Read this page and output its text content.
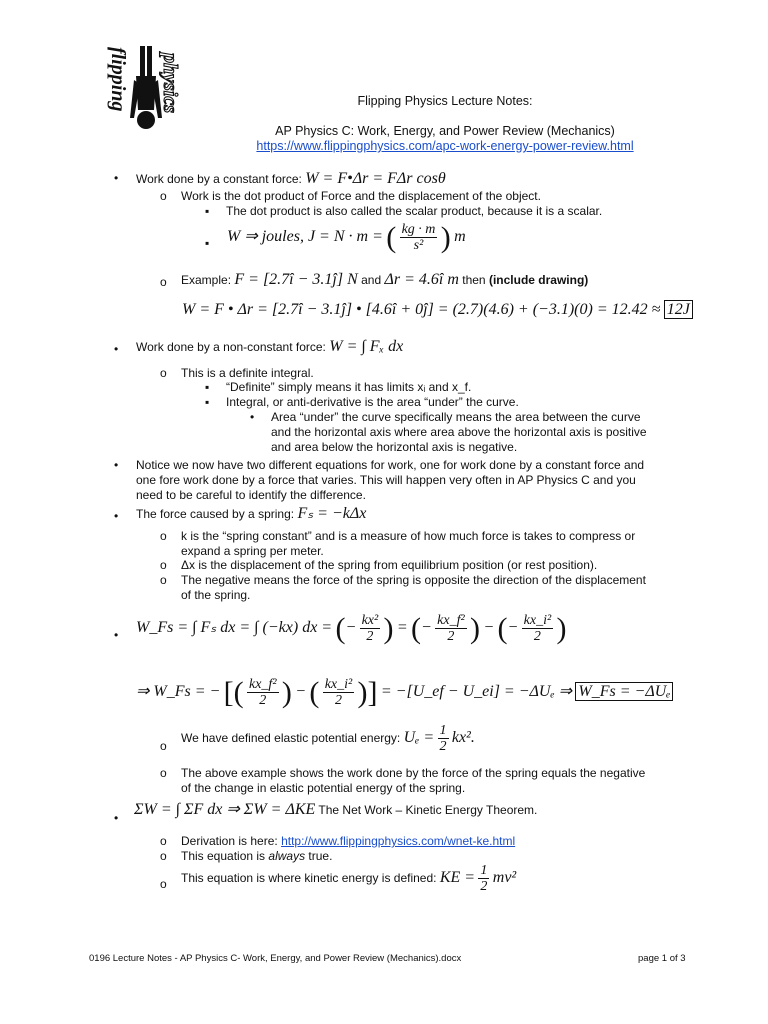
flipping physics	Flipping Physics Lecture Notes:
AP Physics C: Work, Energy, and Power Review (Mechanics)
https://www.flippingphysics.com/apc-work-energy-power-review.html
• Work done by a constant force: W = F•Δr = FΔr cosθ
o Work is the dot product of Force and the displacement of the object.
▪ The dot product is also called the scalar product, because it is a scalar.
▪ W ⇒ joules, J = N · m = ( $\frac{kg \cdot m}{\text{s²}}$ ) m
o Example: F = [2.7î − 3.1ĵ] N and Δr = 4.6î m then (include drawing)
W = F • Δr = [2.7î − 3.1ĵ] • [4.6î + 0ĵ] = (2.7)(4.6) + (−3.1)(0) = 12.42 ≈ 12J
• Work done by a non-constant force: W = ∫ Fₓ dx
o This is a definite integral.
▪ “Definite” simply means it has limits xᵢ and x_f.
▪ Integral, or anti-derivative is the area “under” the curve.
• Area “under” the curve specifically means the area between the curve
and the horizontal axis where area above the horizontal axis is positive
and area below the horizontal axis is negative.
• Notice we now have two different equations for work, one for work done by a constant force and
one fore work done by a force that varies. This will happen very often in AP Physics C and you
need to be careful to identify the difference.
• The force caused by a spring: Fₛ = −kΔx
o k is the “spring constant” and is a measure of how much force is takes to compress or
expand a spring per meter.
o Δx is the displacement of the spring from equilibrium position (or rest position).
o The negative means the force of the spring is opposite the direction of the displacement
of the spring.
• W_Fs = ∫ Fₛ dx = ∫ (−kx) dx = (− $\frac{\text{kx²}}{2}$ ) = (− $\frac{\text{kx\_f²}}{2}$ ) − (− $\frac{\text{kx\_i²}}{2}$ )
⇒ W_Fs = − [( $\frac{\text{kx\_f²}}{2}$ ) − ( $\frac{\text{kx\_i²}}{2}$ )] = −[U_ef − U_ei] = −ΔUₑ ⇒ W_Fs = −ΔUₑ
o
We have defined elastic potential energy: $U_e = \frac{1}{2} kx^2$.
o The above example shows the work done by the force of the spring equals the negative
of the change in elastic potential energy of the spring.
• ΣW = ∫ ΣF dx ⇒ ΣW = ΔKE The Net Work – Kinetic Energy Theorem.
o Derivation is here: http://www.flippingphysics.com/wnet-ke.html
o This equation is always true.
o This equation is where kinetic energy is defined: KE = $\frac{1}{2} mv^2$
0196 Lecture Notes - AP Physics C- Work, Energy, and Power Review (Mechanics).docx	page 1 of 3
